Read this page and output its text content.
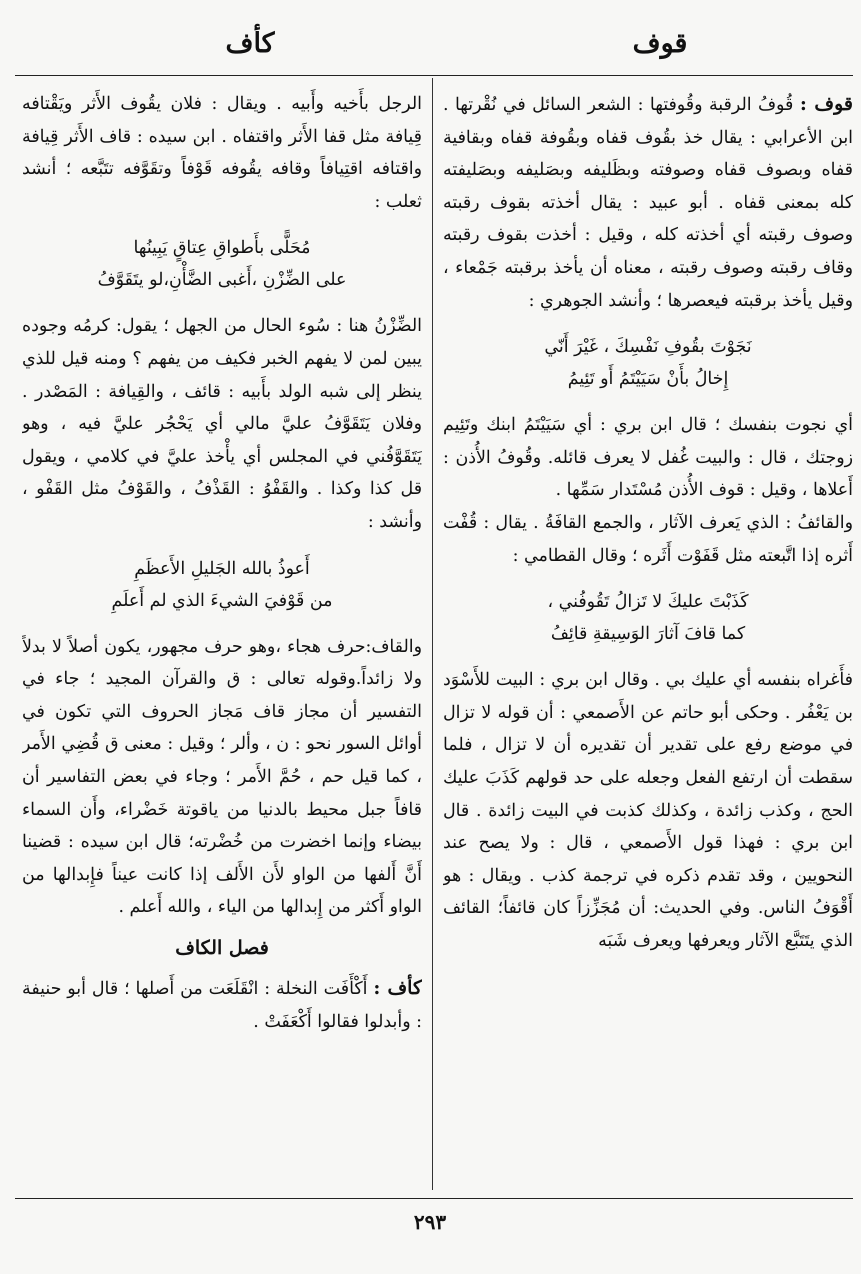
قوف
كأف

قوف : قُوفُ الرقبة وقُوفتها : الشعر السائل في نُقْرتها . ابن الأعرابي : يقال خذ بقُوف قفاه وبقُوفة قفاه وبقافية قفاه وبصوف قفاه وصوفته وبظَليفه وبصَليفه وبصَليفته كله بمعنى قفاه . أبو عبيد : يقال أخذته بقوف رقبته وصوف رقبته أي أخذته كله ، وقيل : أخذت بقوف رقبته وقاف رقبته وصوف رقبته ، معناه أن يأخذ برقبته جَمْعاء ، وقيل يأخذ برقبته فيعصرها ؛ وأنشد الجوهري :

نَجَوْتَ بقُوفِ نَفْسِكَ ، غَيْرَ أَنّي
إِخالُ بأَنْ سَيَيْتَمُ أَو تَئِيمُ

أي نجوت بنفسك ؛ قال ابن بري : أي سَيَيْتَمُ ابنك وتَئِيم زوجتك ، قال : والبيت غُفل لا يعرف قائله. وقُوفُ الأُذن : أَعلاها ، وقيل : قوف الأُذن مُسْتَدار سَمِّها .
والقائفُ : الذي يَعرف الآثار ، والجمع القافَةُ . يقال : قُفْت أَثره إذا اتَّبعته مثل قَفَوْت أَثَره ؛ وقال القطامي :

كَذَبْتَ عليكَ لا تَزالُ تَقُوفُني ،
كما قافَ آثارَ الوَسِيقةِ قائِفُ

فأَغراه بنفسه أي عليك بي . وقال ابن بري : البيت للأَسْوَد بن يَعْفُر . وحكى أبو حاتم عن الأَصمعي : أن قوله لا تزال في موضع رفع على تقدير أن تقديره أن لا تزال ، فلما سقطت أن ارتفع الفعل وجعله على حد قولهم كَذَبَ عليك الحج ، وكذب زائدة ، وكذلك كذبت في البيت زائدة . قال ابن بري : فهذا قول الأَصمعي ، قال : ولا يصح عند النحويين ، وقد تقدم ذكره في ترجمة كذب . ويقال : هو أَقْوَفُ الناس. وفي الحديث: أن مُجَزِّزاً كان قائفاً؛ القائف الذي يتَتَبَّع الآثار ويعرفها ويعرف شَبَه

الرجل بأَخيه وأَبيه . ويقال : فلان يقُوف الأَثر ويَقْتافه قِيافة مثل قفا الأَثر واقتفاه . ابن سيده : قاف الأَثر قِيافة واقتافه اقتِيافاً وقافه يقُوفه قَوْفاً وتقَوَّفه تتَبَّعه ؛ أنشد ثعلب :

مُحَلًّى بأَطواقِ عِتاقٍ يَبِينُها
على الضِّزْنِ ،أَغبى الضَّأْنِ،لو يتَقَوَّفُ

الضِّزْنُ هنا : سُوء الحال من الجهل ؛ يقول: كرمُه وجوده يبين لمن لا يفهم الخبر فكيف من يفهم ؟ ومنه قيل للذي ينظر إلى شبه الولد بأَبيه : قائف ، والقِيافة : المَصْدر . وفلان يَتَقَوَّفُ عليَّ مالي أي يَحْجُر عليَّ فيه ، وهو يَتَقَوَّفُني في المجلس أي يأْخذ عليَّ في كلامي ، ويقول قل كذا وكذا . والقَفْوُ : القَذْفُ ، والقَوْفُ مثل القَفْو ، وأنشد :

أَعوذُ بالله الجَليلِ الأَعظَمِ
من قَوْفيَ الشيءَ الذي لم أَعلَمِ

والقاف:حرف هجاء ،وهو حرف مجهور، يكون أصلاً لا بدلاً ولا زائداً.وقوله تعالى : ق والقرآن المجيد ؛ جاء في التفسير أن مجاز قاف مَجاز الحروف التي تكون في أوائل السور نحو : ن ، وألر ؛ وقيل : معنى ق قُضِي الأَمر ، كما قيل حم ، حُمَّ الأَمر ؛ وجاء في بعض التفاسير أن قافاً جبل محيط بالدنيا من ياقوتة خَضْراء، وأَن السماء بيضاء وإنما اخضرت من خُضْرته؛ قال ابن سيده : قضينا أَنَّ أَلفها من الواو لأَن الأَلف إذا كانت عيناً فإِبدالها من الواو أَكثر من إِبدالها من الياء ، والله أَعلم .

فصل الكاف

كأف : أَكْأَفَت النخلة : انْقَلَعَت من أَصلها ؛ قال أبو حنيفة : وأبدلوا فقالوا أَكْعَفَتْ .

٢٩٣
